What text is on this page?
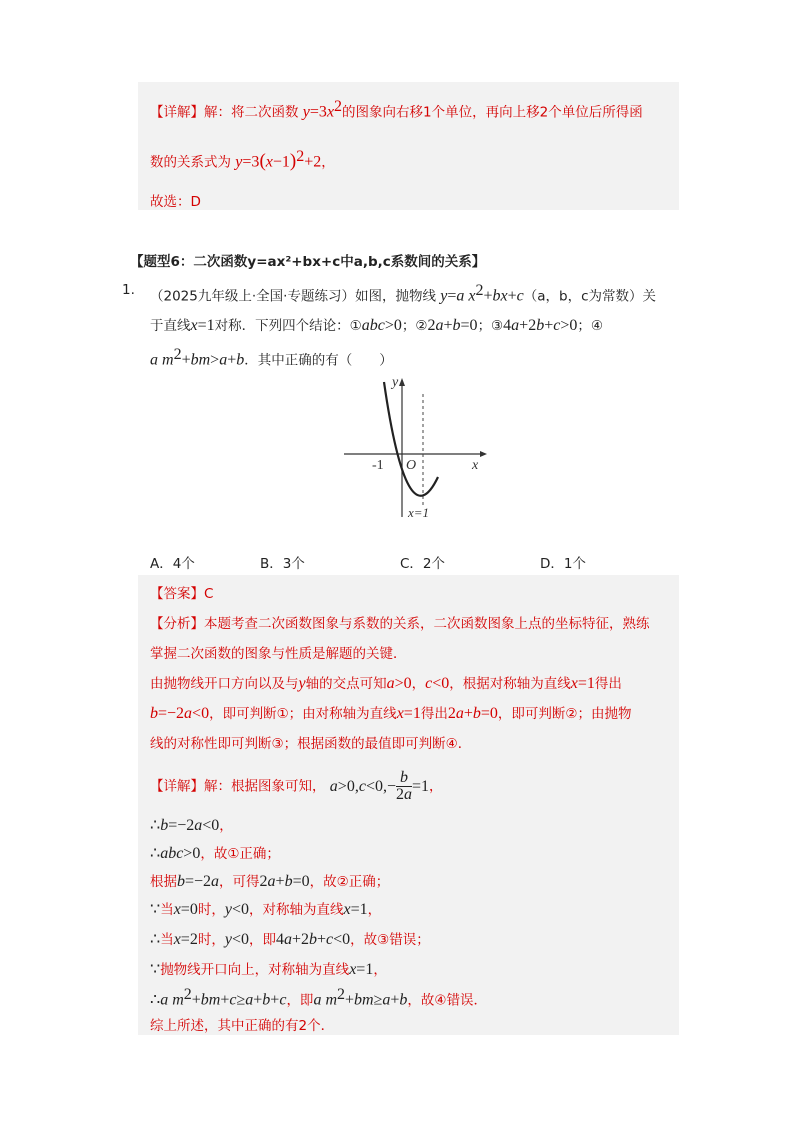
【详解】解：将二次函数 $y=3x^2$的图象向右移1个单位，再向上移2个单位后所得函
数的关系式为 $y=3(x-1)^2+2$，
故选：D
【题型6：二次函数y=ax²+bx+c中a,b,c系数间的关系】
1. （2025九年级上·全国·专题练习）如图，抛物线 y=a $x^2+bx+c(a$，b，c为常数）关
于直线x=1对称．下列四个结论：①abc>0；②2a+b=0；③4a+2b+c>0；④
a $m^2+bm>a+b$．其中正确的有（　　）
y
x
O
-1
x=1
A．4个	B．3个	C．2个	D．1个
【答案】C
【分析】本题考查二次函数图象与系数的关系，二次函数图象上点的坐标特征，熟练
掌握二次函数的图象与性质是解题的关键．
由抛物线开口方向以及与y轴的交点可知a>0，c<0，根据对称轴为直线x=1得出
b=−2a<0，即可判断①；由对称轴为直线x=1得出2a+b=0，即可判断②；由抛物
线的对称性即可判断③；根据函数的最值即可判断④．
【详解】解：根据图象可知， a>0,c<0,− b
2a =1，
∴b=−2a<0，
∴abc>0，故①正确；
根据b=−2a，可得2a+b=0，故②正确；
∵当x=0时，y<0，对称轴为直线x=1，
∴当x=2时，y<0，即4a+2b+c<0，故③错误；
∵抛物线开口向上，对称轴为直线x=1，
∴a $m^2+bm+c\ge a+b+c$，即a $m^2+bm\ge a+b$，故④错误．
综上所述，其中正确的有2个．
